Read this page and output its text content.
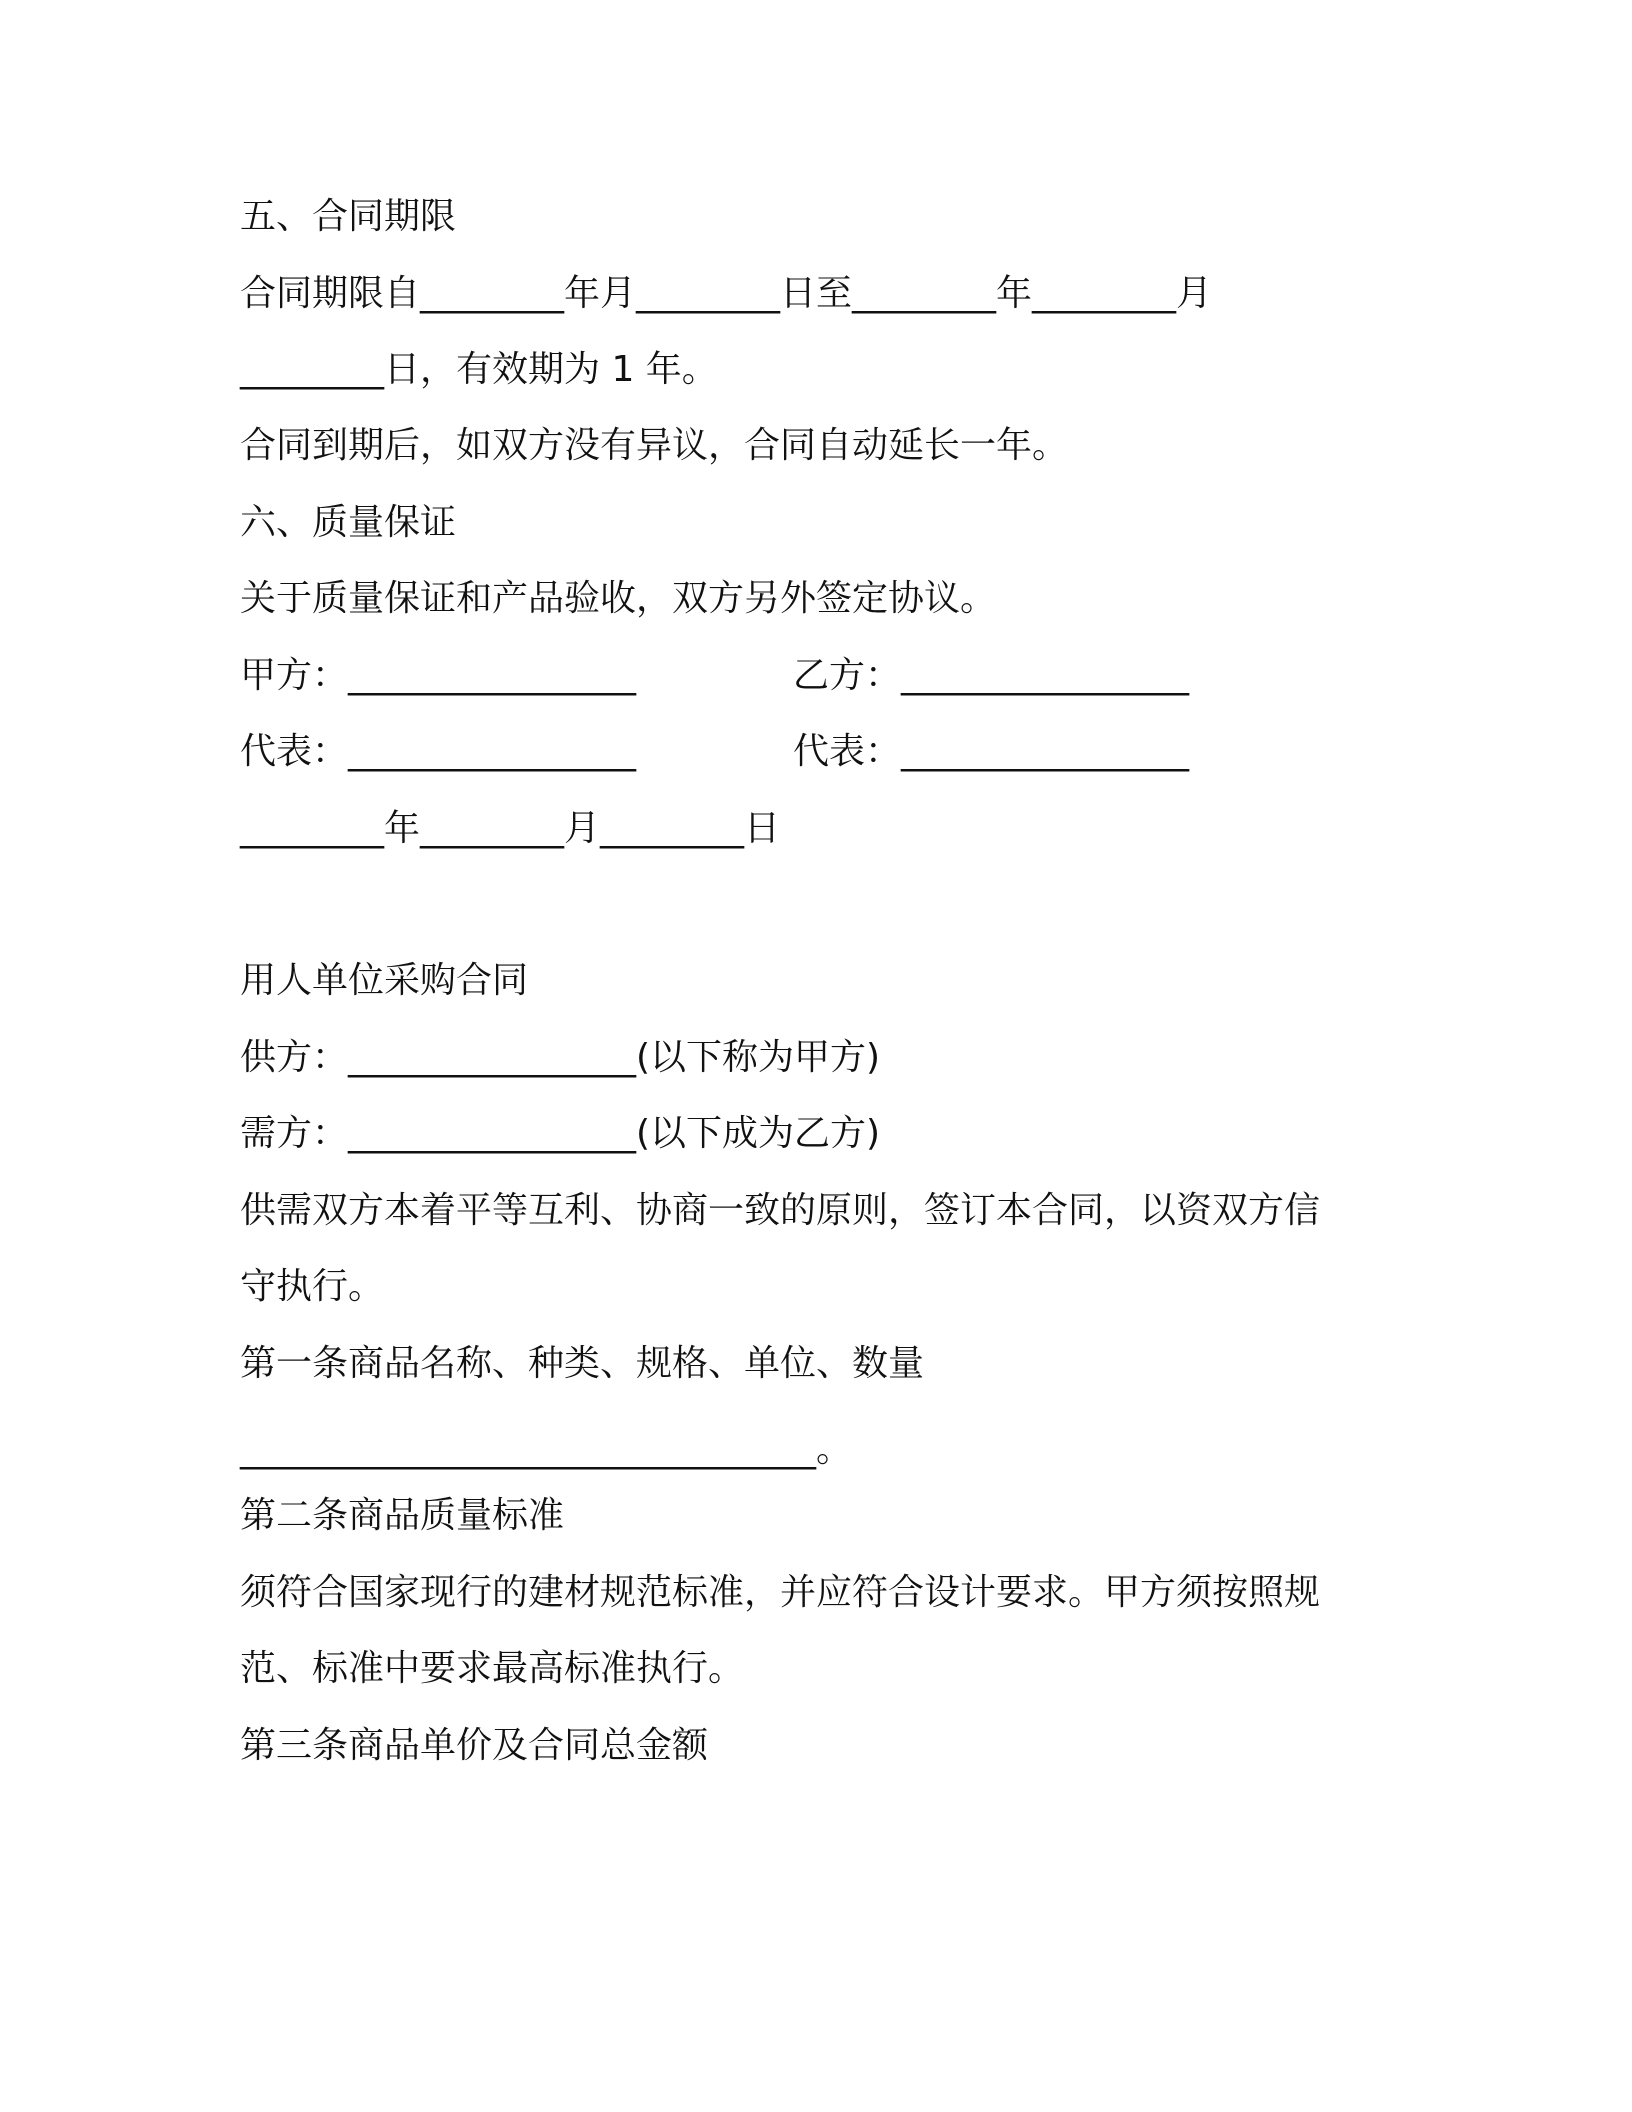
五、合同期限
合同期限自________年月________日至________年________月
________日，有效期为 1 年。
合同到期后，如双方没有异议，合同自动延长一年。
六、质量保证
关于质量保证和产品验收，双方另外签定协议。
甲方：________________	乙方：________________
代表：________________	代表：________________
________年________月________日
用人单位采购合同
供方：________________(以下称为甲方)
需方：________________(以下成为乙方)
供需双方本着平等互利、协商一致的原则，签订本合同，以资双方信
守执行。
第一条商品名称、种类、规格、单位、数量
________________________________。
第二条商品质量标准
须符合国家现行的建材规范标准，并应符合设计要求。甲方须按照规
范、标准中要求最高标准执行。
第三条商品单价及合同总金额
